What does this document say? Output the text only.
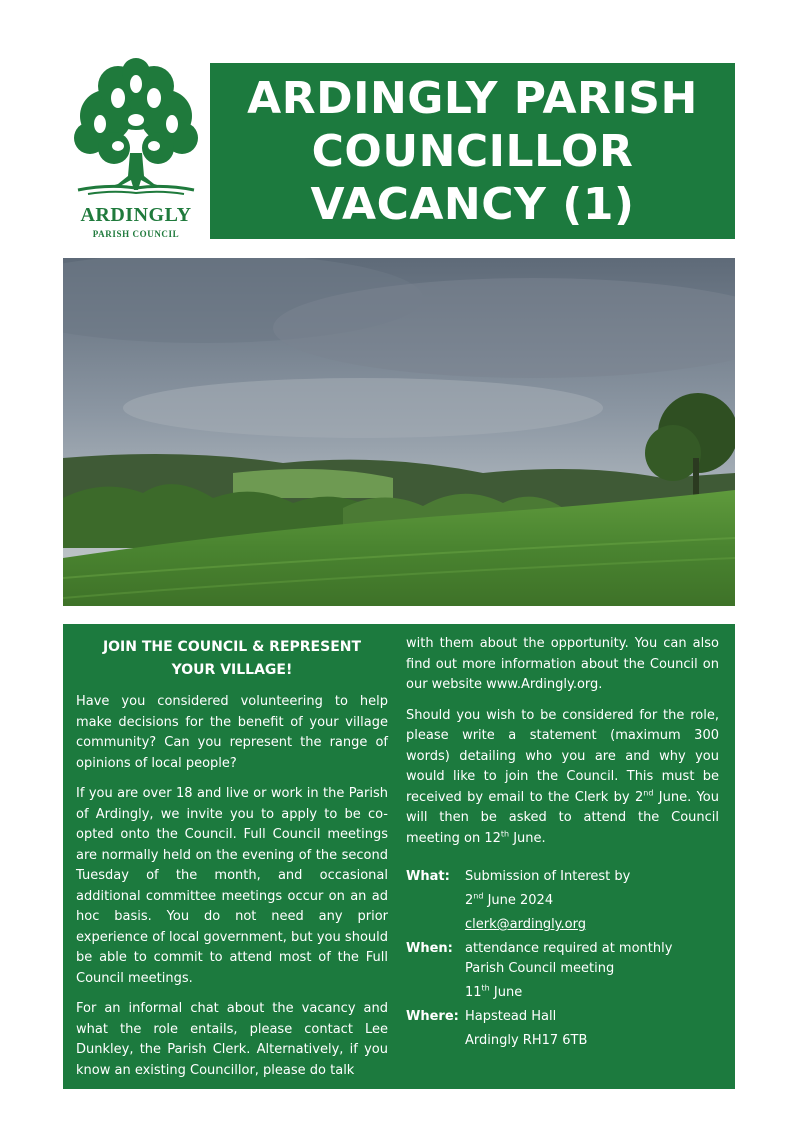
ARDINGLY
PARISH COUNCIL
ARDINGLY PARISH
COUNCILLOR
VACANCY (1)
JOIN THE COUNCIL & REPRESENT
YOUR VILLAGE!

Have you considered volunteering to help make decisions for the benefit of your village community? Can you represent the range of opinions of local people?

If you are over 18 and live or work in the Parish of Ardingly, we invite you to apply to be co-opted onto the Council. Full Council meetings are normally held on the evening of the second Tuesday of the month, and occasional additional committee meetings occur on an ad hoc basis. You do not need any prior experience of local government, but you should be able to commit to attend most of the Full Council meetings.

For an informal chat about the vacancy and what the role entails, please contact Lee Dunkley, the Parish Clerk. Alternatively, if you know an existing Councillor, please do talk

with them about the opportunity. You can also find out more information about the Council on our website www.Ardingly.org.

Should you wish to be considered for the role, please write a statement (maximum 300 words) detailing who you are and why you would like to join the Council. This must be received by email to the Clerk by 2nd June. You will then be asked to attend the Council meeting on 12th June.

What:	Submission of Interest by
2nd June 2024
clerk@ardingly.org
When: attendance required at monthly
Parish Council meeting
11th June
Where: Hapstead Hall
Ardingly RH17 6TB
